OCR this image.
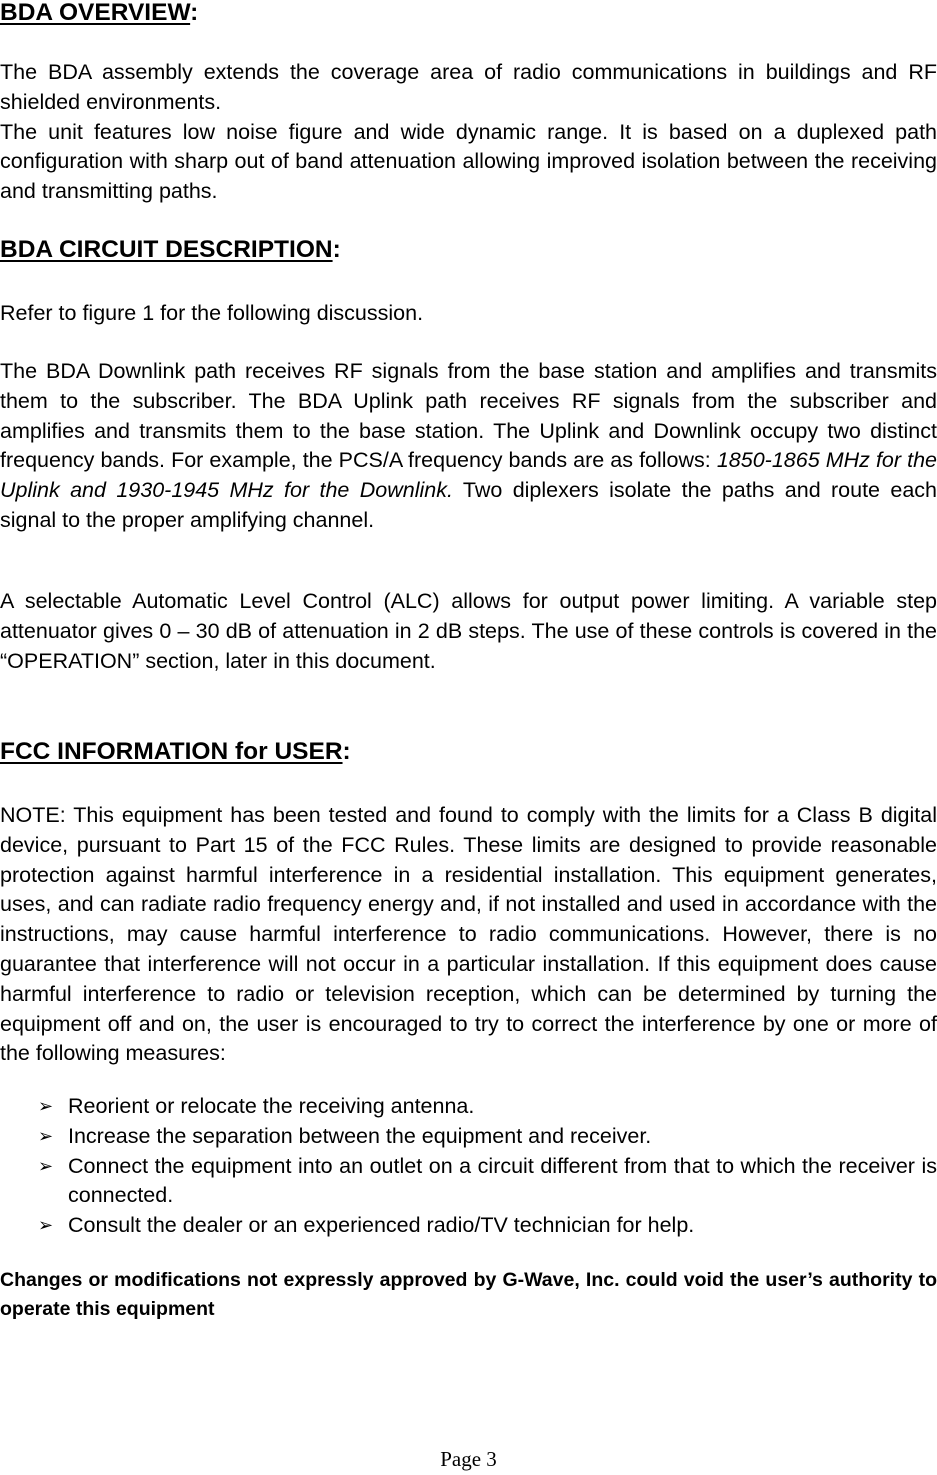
BDA OVERVIEW:

The BDA assembly extends the coverage area of radio communications in buildings and RF shielded environments.

The unit features low noise figure and wide dynamic range. It is based on a duplexed path configuration with sharp out of band attenuation allowing improved isolation between the receiving and transmitting paths.

BDA CIRCUIT DESCRIPTION:

Refer to figure 1 for the following discussion.

The BDA Downlink path receives RF signals from the base station and amplifies and transmits them to the subscriber. The BDA Uplink path receives RF signals from the subscriber and amplifies and transmits them to the base station. The Uplink and Downlink occupy two distinct frequency bands. For example, the PCS/A frequency bands are as follows: 1850-1865 MHz for the Uplink and 1930-1945 MHz for the Downlink. Two diplexers isolate the paths and route each signal to the proper amplifying channel.

A selectable Automatic Level Control (ALC) allows for output power limiting. A variable step attenuator gives 0 – 30 dB of attenuation in 2 dB steps. The use of these controls is covered in the “OPERATION” section, later in this document.

FCC INFORMATION for USER:

NOTE: This equipment has been tested and found to comply with the limits for a Class B digital device, pursuant to Part 15 of the FCC Rules. These limits are designed to provide reasonable protection against harmful interference in a residential installation. This equipment generates, uses, and can radiate radio frequency energy and, if not installed and used in accordance with the instructions, may cause harmful interference to radio communications. However, there is no guarantee that interference will not occur in a particular installation. If this equipment does cause harmful interference to radio or television reception, which can be determined by turning the equipment off and on, the user is encouraged to try to correct the interference by one or more of the following measures:

➢ Reorient or relocate the receiving antenna.
➢ Increase the separation between the equipment and receiver.
➢ Connect the equipment into an outlet on a circuit different from that to which the receiver is connected.
➢ Consult the dealer or an experienced radio/TV technician for help.

Changes or modifications not expressly approved by G-Wave, Inc. could void the user’s authority to operate this equipment

Page 3
